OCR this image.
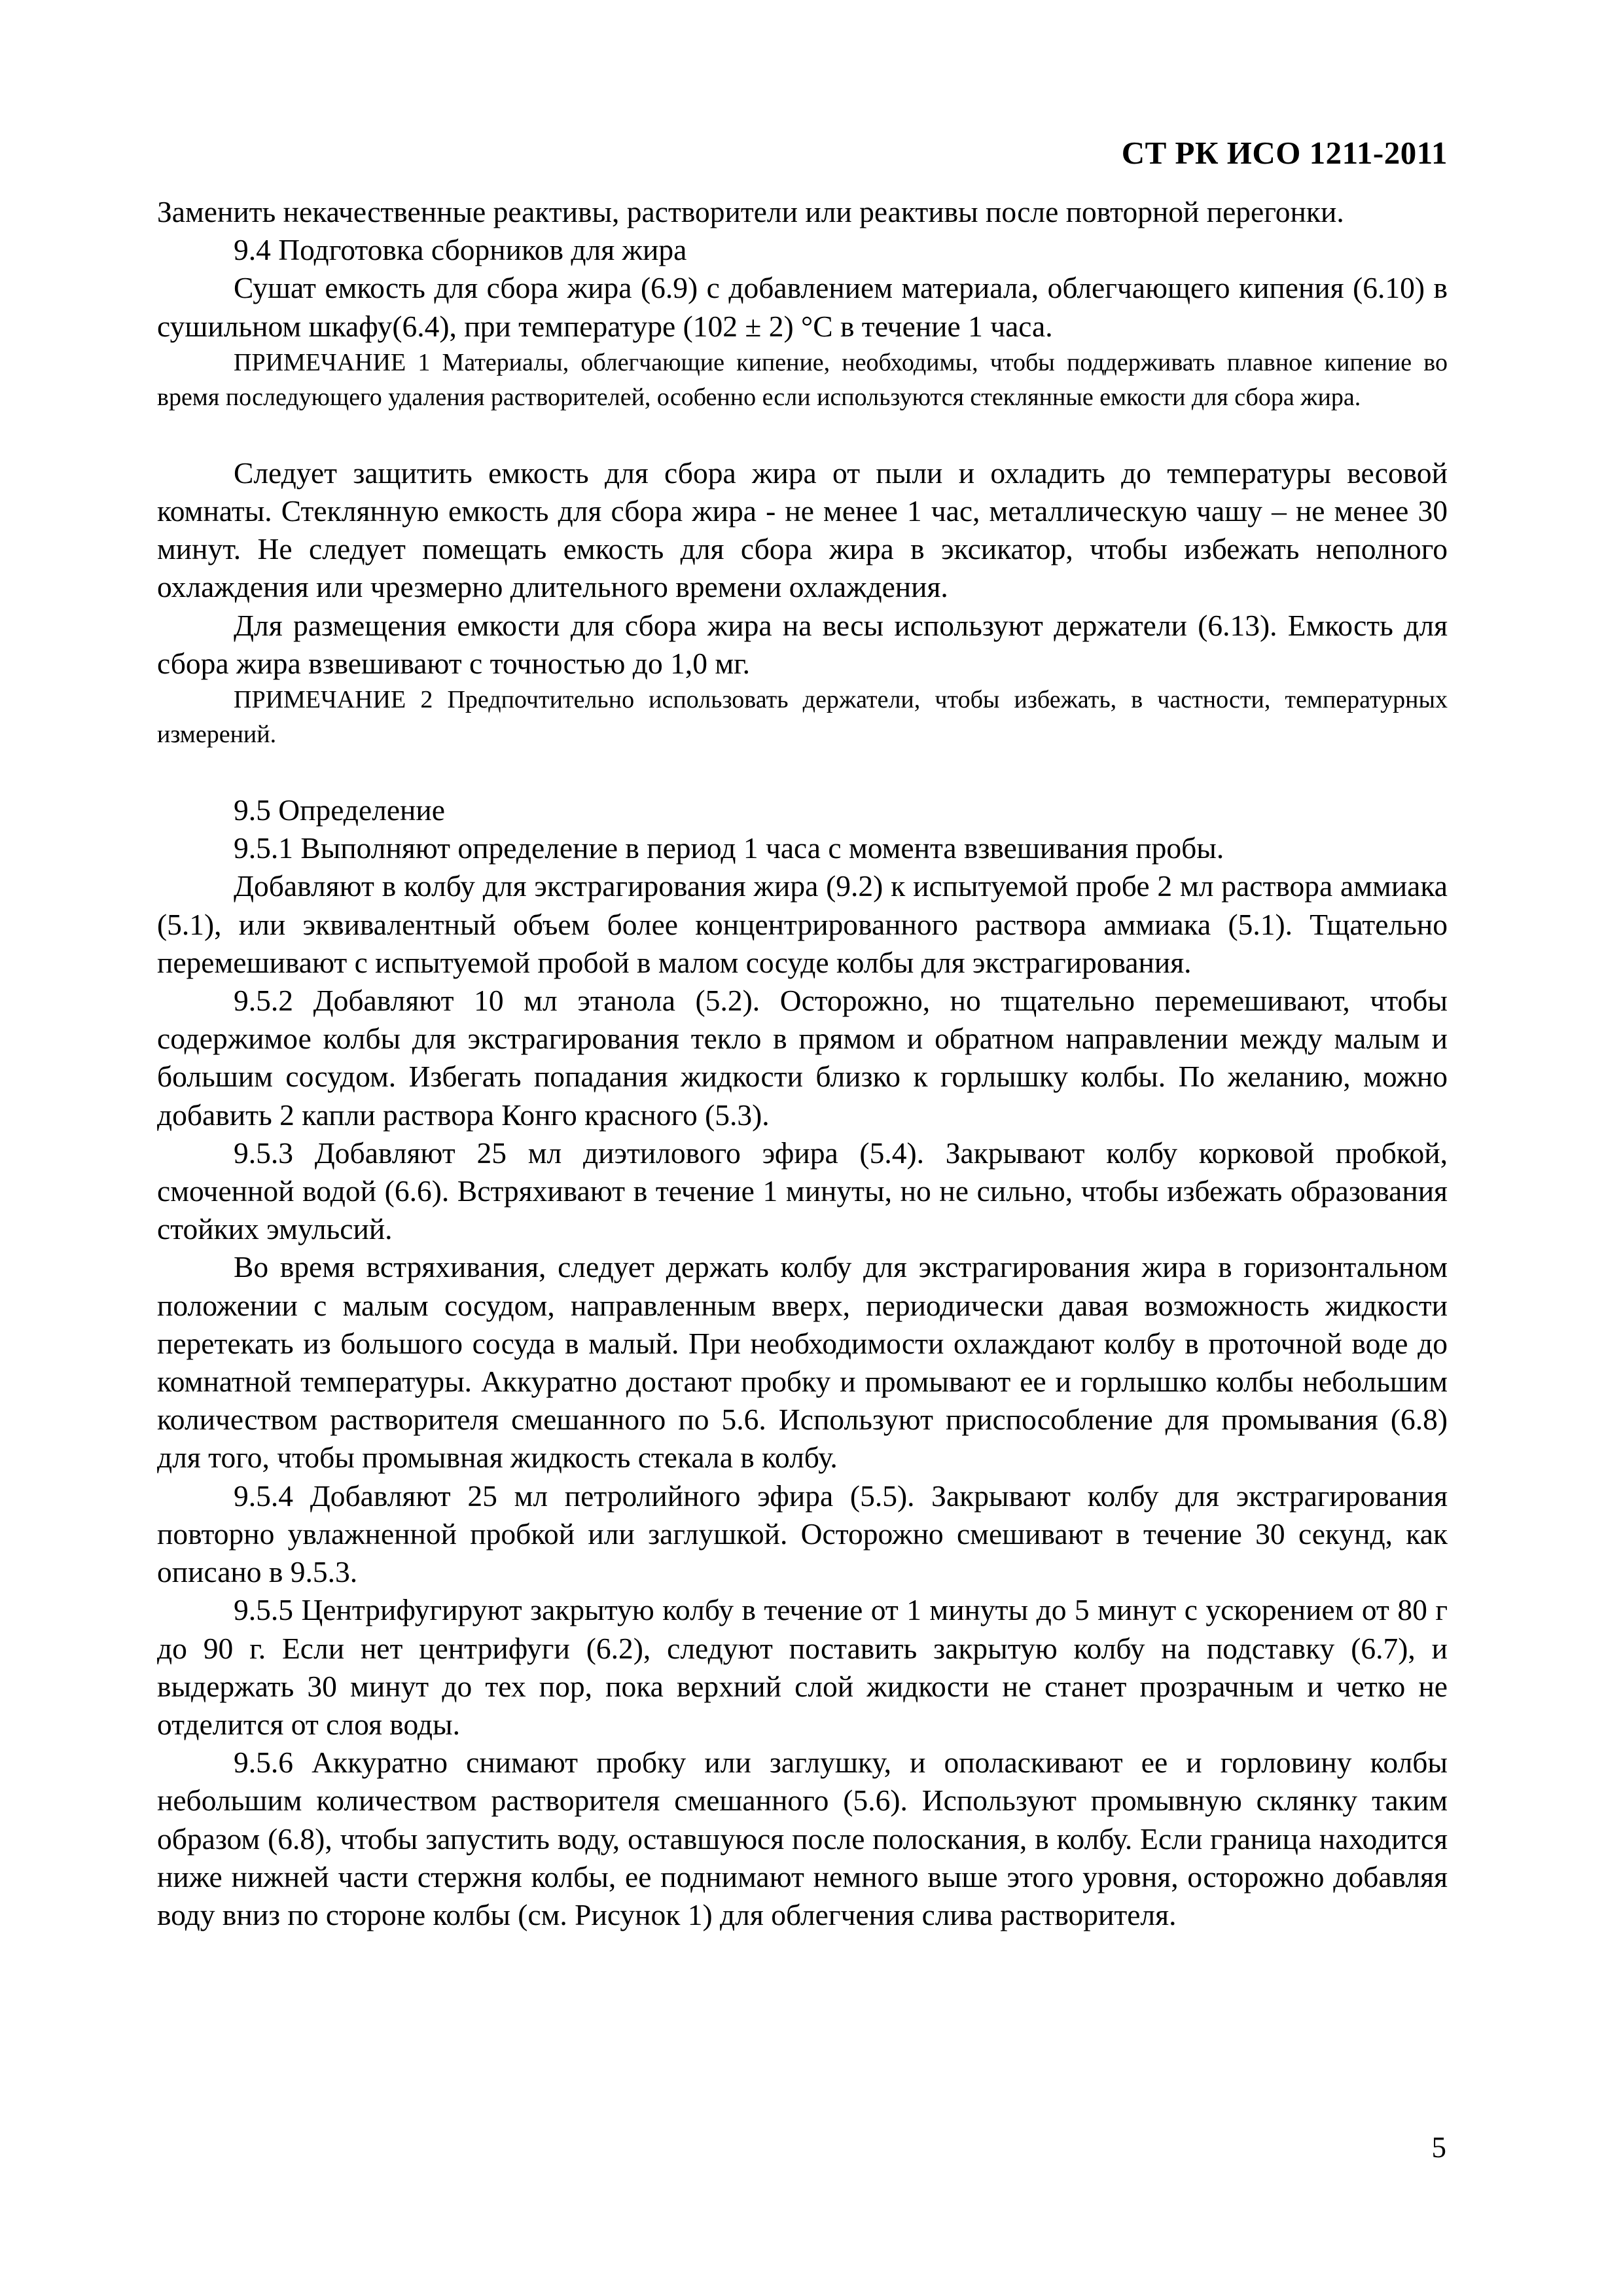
СТ РК ИСО 1211-2011

Заменить некачественные реактивы, растворители или реактивы после повторной перегонки.

9.4 Подготовка сборников для жира

Сушат емкость для сбора жира (6.9) с добавлением материала, облегчающего кипения (6.10) в сушильном шкафу(6.4), при температуре (102 ± 2) °С в течение 1 часа.

ПРИМЕЧАНИЕ 1 Материалы, облегчающие кипение, необходимы, чтобы поддерживать плавное кипение во время последующего удаления растворителей, особенно если используются стеклянные емкости для сбора жира.

Следует защитить емкость для сбора жира от пыли и охладить до температуры весовой комнаты. Стеклянную емкость для сбора жира - не менее 1 час, металлическую чашу – не менее 30 минут. Не следует помещать емкость для сбора жира в эксикатор, чтобы избежать неполного охлаждения или чрезмерно длительного времени охлаждения.

Для размещения емкости для сбора жира на весы используют держатели (6.13). Емкость для сбора жира взвешивают с точностью до 1,0 мг.

ПРИМЕЧАНИЕ 2 Предпочтительно использовать держатели, чтобы избежать, в частности, температурных измерений.

9.5 Определение

9.5.1 Выполняют определение в период 1 часа с момента взвешивания пробы.

Добавляют в колбу для экстрагирования жира (9.2) к испытуемой пробе 2 мл раствора аммиака (5.1), или эквивалентный объем более концентрированного раствора аммиака (5.1). Тщательно перемешивают с испытуемой пробой в малом сосуде колбы для экстрагирования.

9.5.2 Добавляют 10 мл этанола (5.2). Осторожно, но тщательно перемешивают, чтобы содержимое колбы для экстрагирования текло в прямом и обратном направлении между малым и большим сосудом. Избегать попадания жидкости близко к горлышку колбы. По желанию, можно добавить 2 капли раствора Конго красного (5.3).

9.5.3 Добавляют 25 мл диэтилового эфира (5.4). Закрывают колбу корковой пробкой, смоченной водой (6.6). Встряхивают в течение 1 минуты, но не сильно, чтобы избежать образования стойких эмульсий.

Во время встряхивания, следует держать колбу для экстрагирования жира в горизонтальном положении с малым сосудом, направленным вверх, периодически давая возможность жидкости перетекать из большого сосуда в малый. При необходимости охлаждают колбу в проточной воде до комнатной температуры. Аккуратно достают пробку и промывают ее и горлышко колбы небольшим количеством растворителя смешанного по 5.6. Используют приспособление для промывания (6.8) для того, чтобы промывная жидкость стекала в колбу.

9.5.4 Добавляют 25 мл петролийного эфира (5.5). Закрывают колбу для экстрагирования повторно увлажненной пробкой или заглушкой. Осторожно смешивают в течение 30 секунд, как описано в 9.5.3.

9.5.5 Центрифугируют закрытую колбу в течение от 1 минуты до 5 минут с ускорением от 80 г до 90 г. Если нет центрифуги (6.2), следуют поставить закрытую колбу на подставку (6.7), и выдержать 30 минут до тех пор, пока верхний слой жидкости не станет прозрачным и четко не отделится от слоя воды.

9.5.6 Аккуратно снимают пробку или заглушку, и ополаскивают ее и горловину колбы небольшим количеством растворителя смешанного (5.6). Используют промывную склянку таким образом (6.8), чтобы запустить воду, оставшуюся после полоскания, в колбу. Если граница находится ниже нижней части стержня колбы, ее поднимают немного выше этого уровня, осторожно добавляя воду вниз по стороне колбы (см. Рисунок 1) для облегчения слива растворителя.

5
